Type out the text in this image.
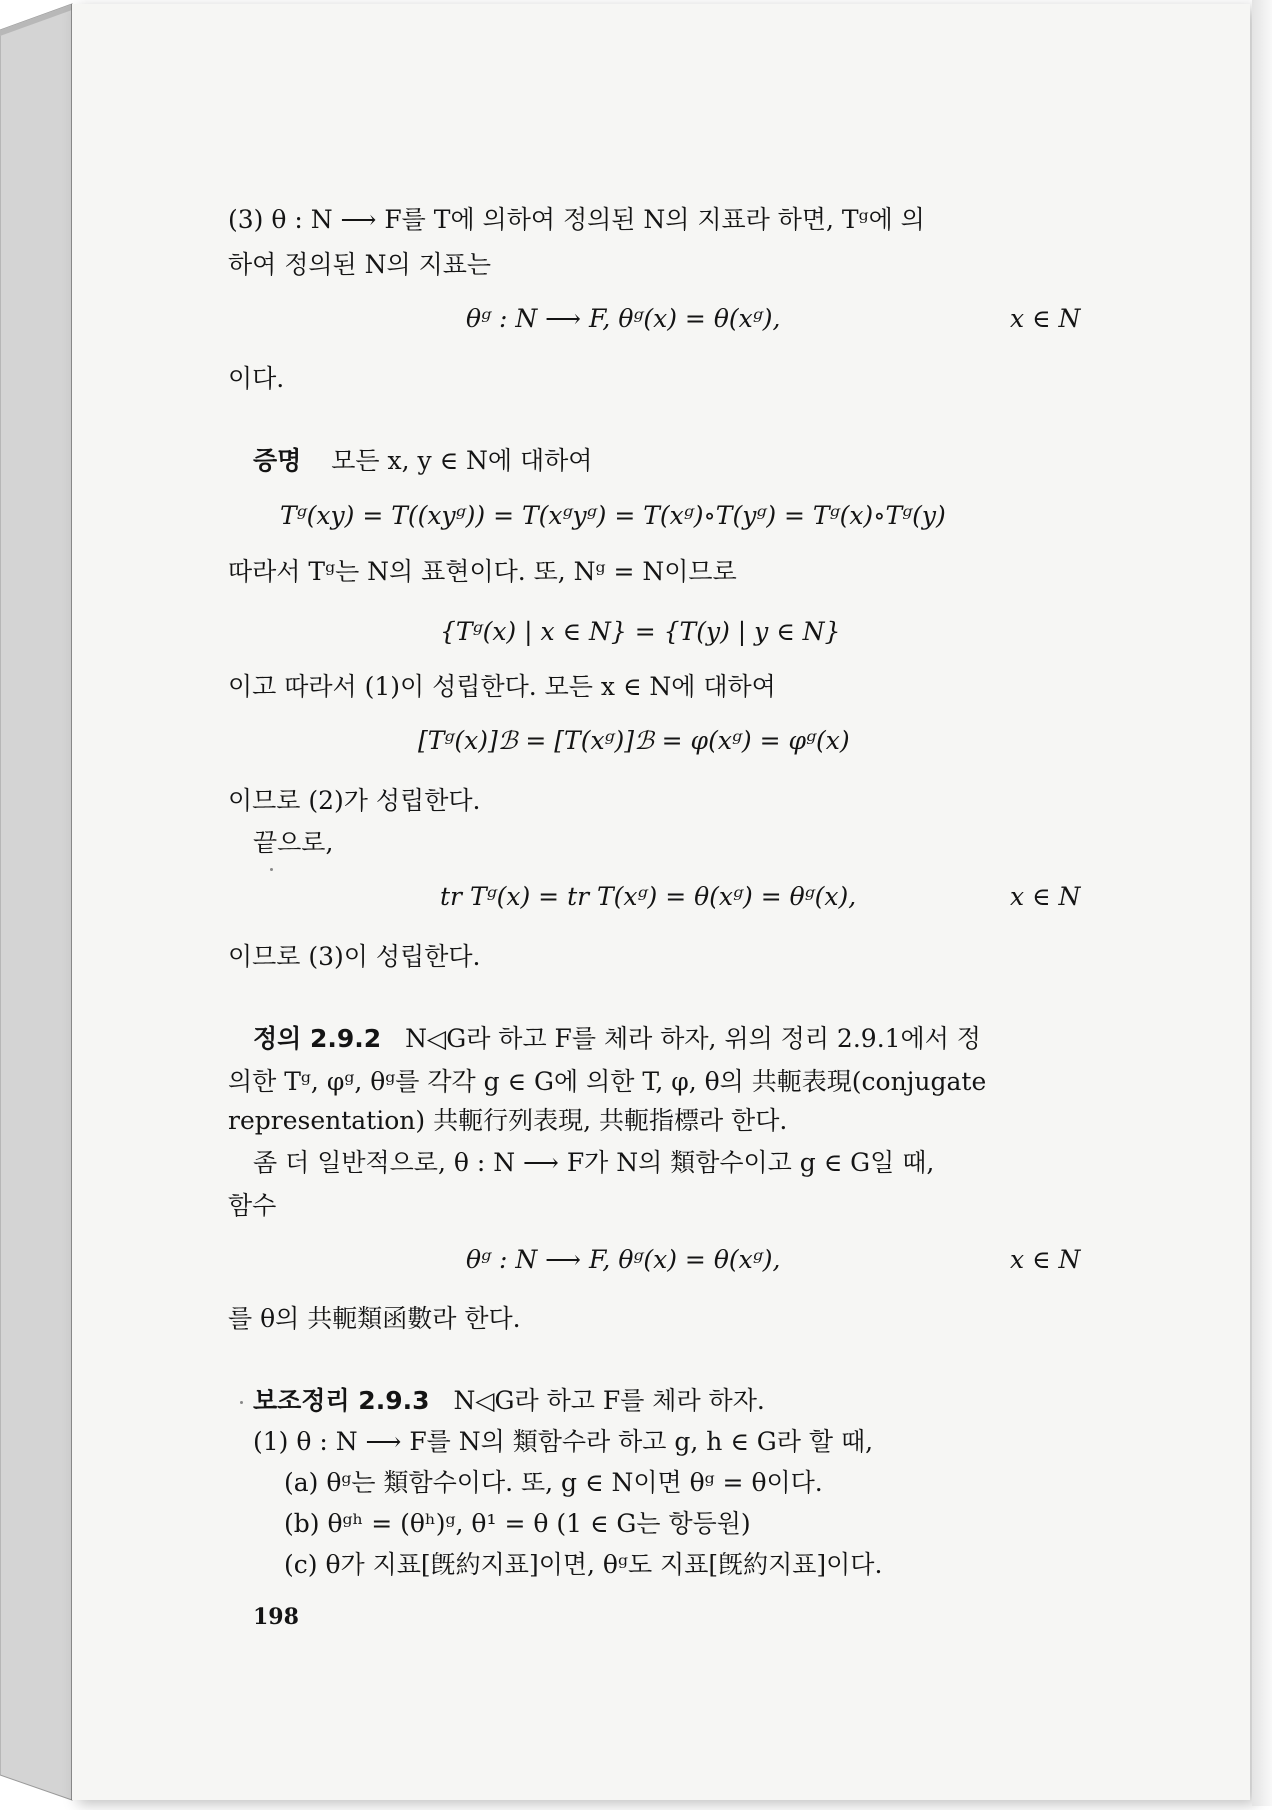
(3) θ : N ⟶ F를 T에 의하여 정의된 N의 지표라 하면, Tᵍ에 의
하여 정의된 N의 지표는
θᵍ : N ⟶ F, θᵍ(x) = θ(xᵍ),	x ∈ N
이다.
증명 모든 x, y ∈ N에 대하여
Tᵍ(xy) = T((xyᵍ)) = T(xᵍyᵍ) = T(xᵍ)∘T(yᵍ) = Tᵍ(x)∘Tᵍ(y)
따라서 Tᵍ는 N의 표현이다. 또, Nᵍ = N이므로
{Tᵍ(x) | x ∈ N} = {T(y) | y ∈ N}
이고 따라서 (1)이 성립한다. 모든 x ∈ N에 대하여
[Tᵍ(x)]ℬ = [T(xᵍ)]ℬ = φ(xᵍ) = φᵍ(x)
이므로 (2)가 성립한다.
끝으로,
tr Tᵍ(x) = tr T(xᵍ) = θ(xᵍ) = θᵍ(x),	x ∈ N
이므로 (3)이 성립한다.
정의 2.9.2 N◁G라 하고 F를 체라 하자, 위의 정리 2.9.1에서 정
의한 Tᵍ, φᵍ, θᵍ를 각각 g ∈ G에 의한 T, φ, θ의 共軛表現(conjugate
representation) 共軛行列表現, 共軛指標라 한다.
좀 더 일반적으로, θ : N ⟶ F가 N의 類함수이고 g ∈ G일 때,
함수
θᵍ : N ⟶ F, θᵍ(x) = θ(xᵍ),	x ∈ N
를 θ의 共軛類函數라 한다.
보조정리 2.9.3 N◁G라 하고 F를 체라 하자.
(1) θ : N ⟶ F를 N의 類함수라 하고 g, h ∈ G라 할 때,
(a) θᵍ는 類함수이다. 또, g ∈ N이면 θᵍ = θ이다.
(b) θᵍʰ = (θʰ)ᵍ, θ¹ = θ (1 ∈ G는 항등원)
(c) θ가 지표[旣約지표]이면, θᵍ도 지표[旣約지표]이다.
198
